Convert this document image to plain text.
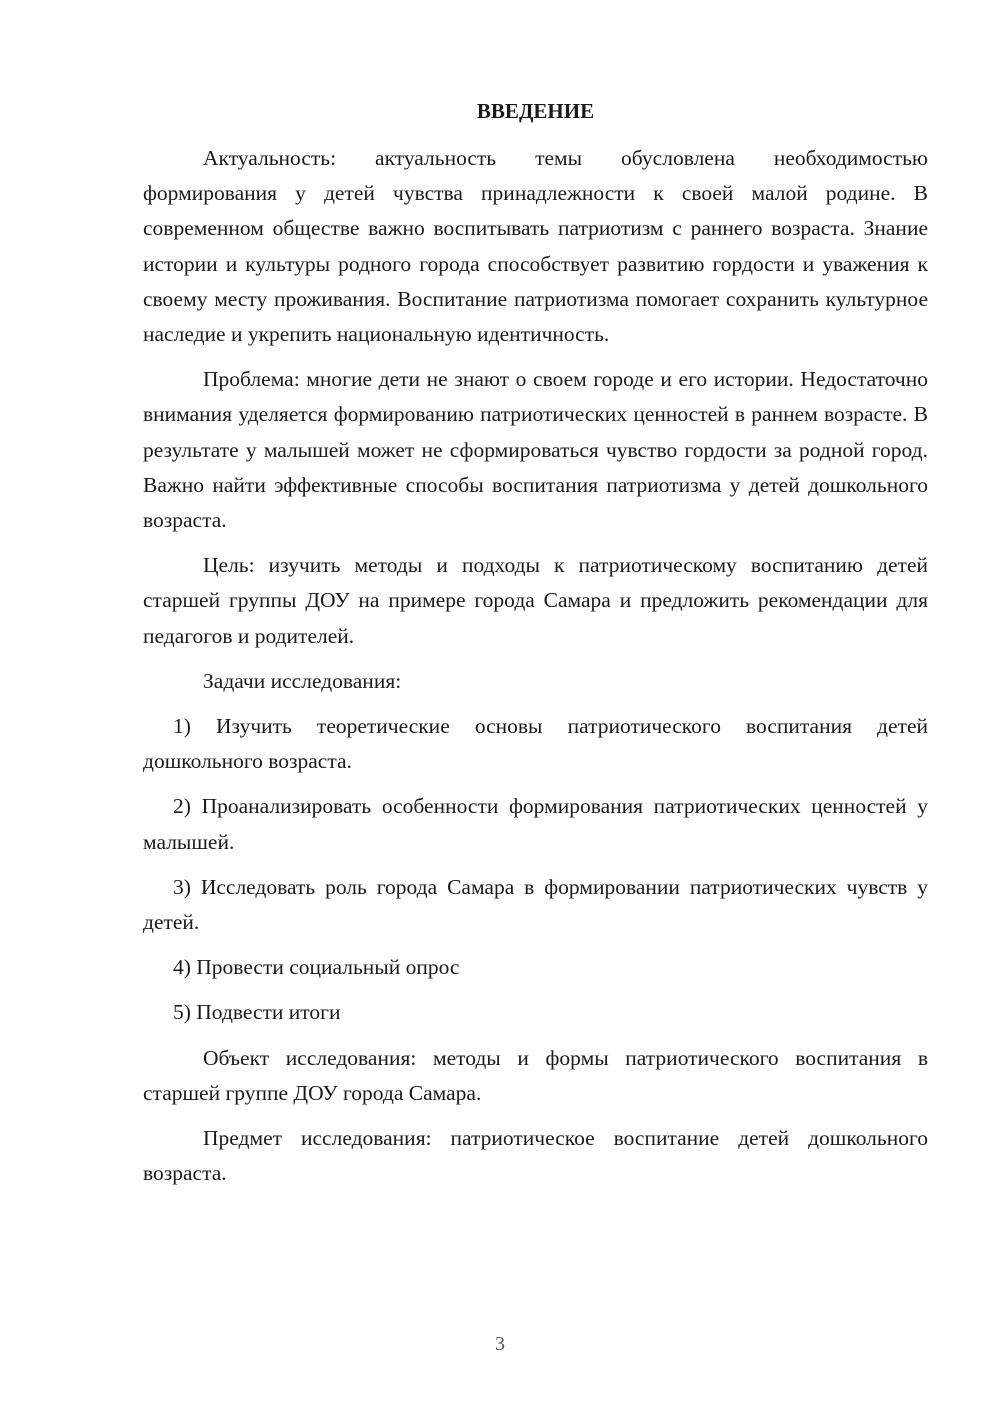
ВВЕДЕНИЕ

Актуальность: актуальность темы обусловлена необходимостью формирования у детей чувства принадлежности к своей малой родине. В современном обществе важно воспитывать патриотизм с раннего возраста. Знание истории и культуры родного города способствует развитию гордости и уважения к своему месту проживания. Воспитание патриотизма помогает сохранить культурное наследие и укрепить национальную идентичность.

Проблема: многие дети не знают о своем городе и его истории. Недостаточно внимания уделяется формированию патриотических ценностей в раннем возрасте. В результате у малышей может не сформироваться чувство гордости за родной город. Важно найти эффективные способы воспитания патриотизма у детей дошкольного возраста.

Цель: изучить методы и подходы к патриотическому воспитанию детей старшей группы ДОУ на примере города Самара и предложить рекомендации для педагогов и родителей.

Задачи исследования:

1) Изучить теоретические основы патриотического воспитания детей дошкольного возраста.

2) Проанализировать особенности формирования патриотических ценностей у малышей.

3) Исследовать роль города Самара в формировании патриотических чувств у детей.

4) Провести социальный опрос

5) Подвести итоги

Объект исследования: методы и формы патриотического воспитания в старшей группе ДОУ города Самара.

Предмет исследования: патриотическое воспитание детей дошкольного возраста.

3
